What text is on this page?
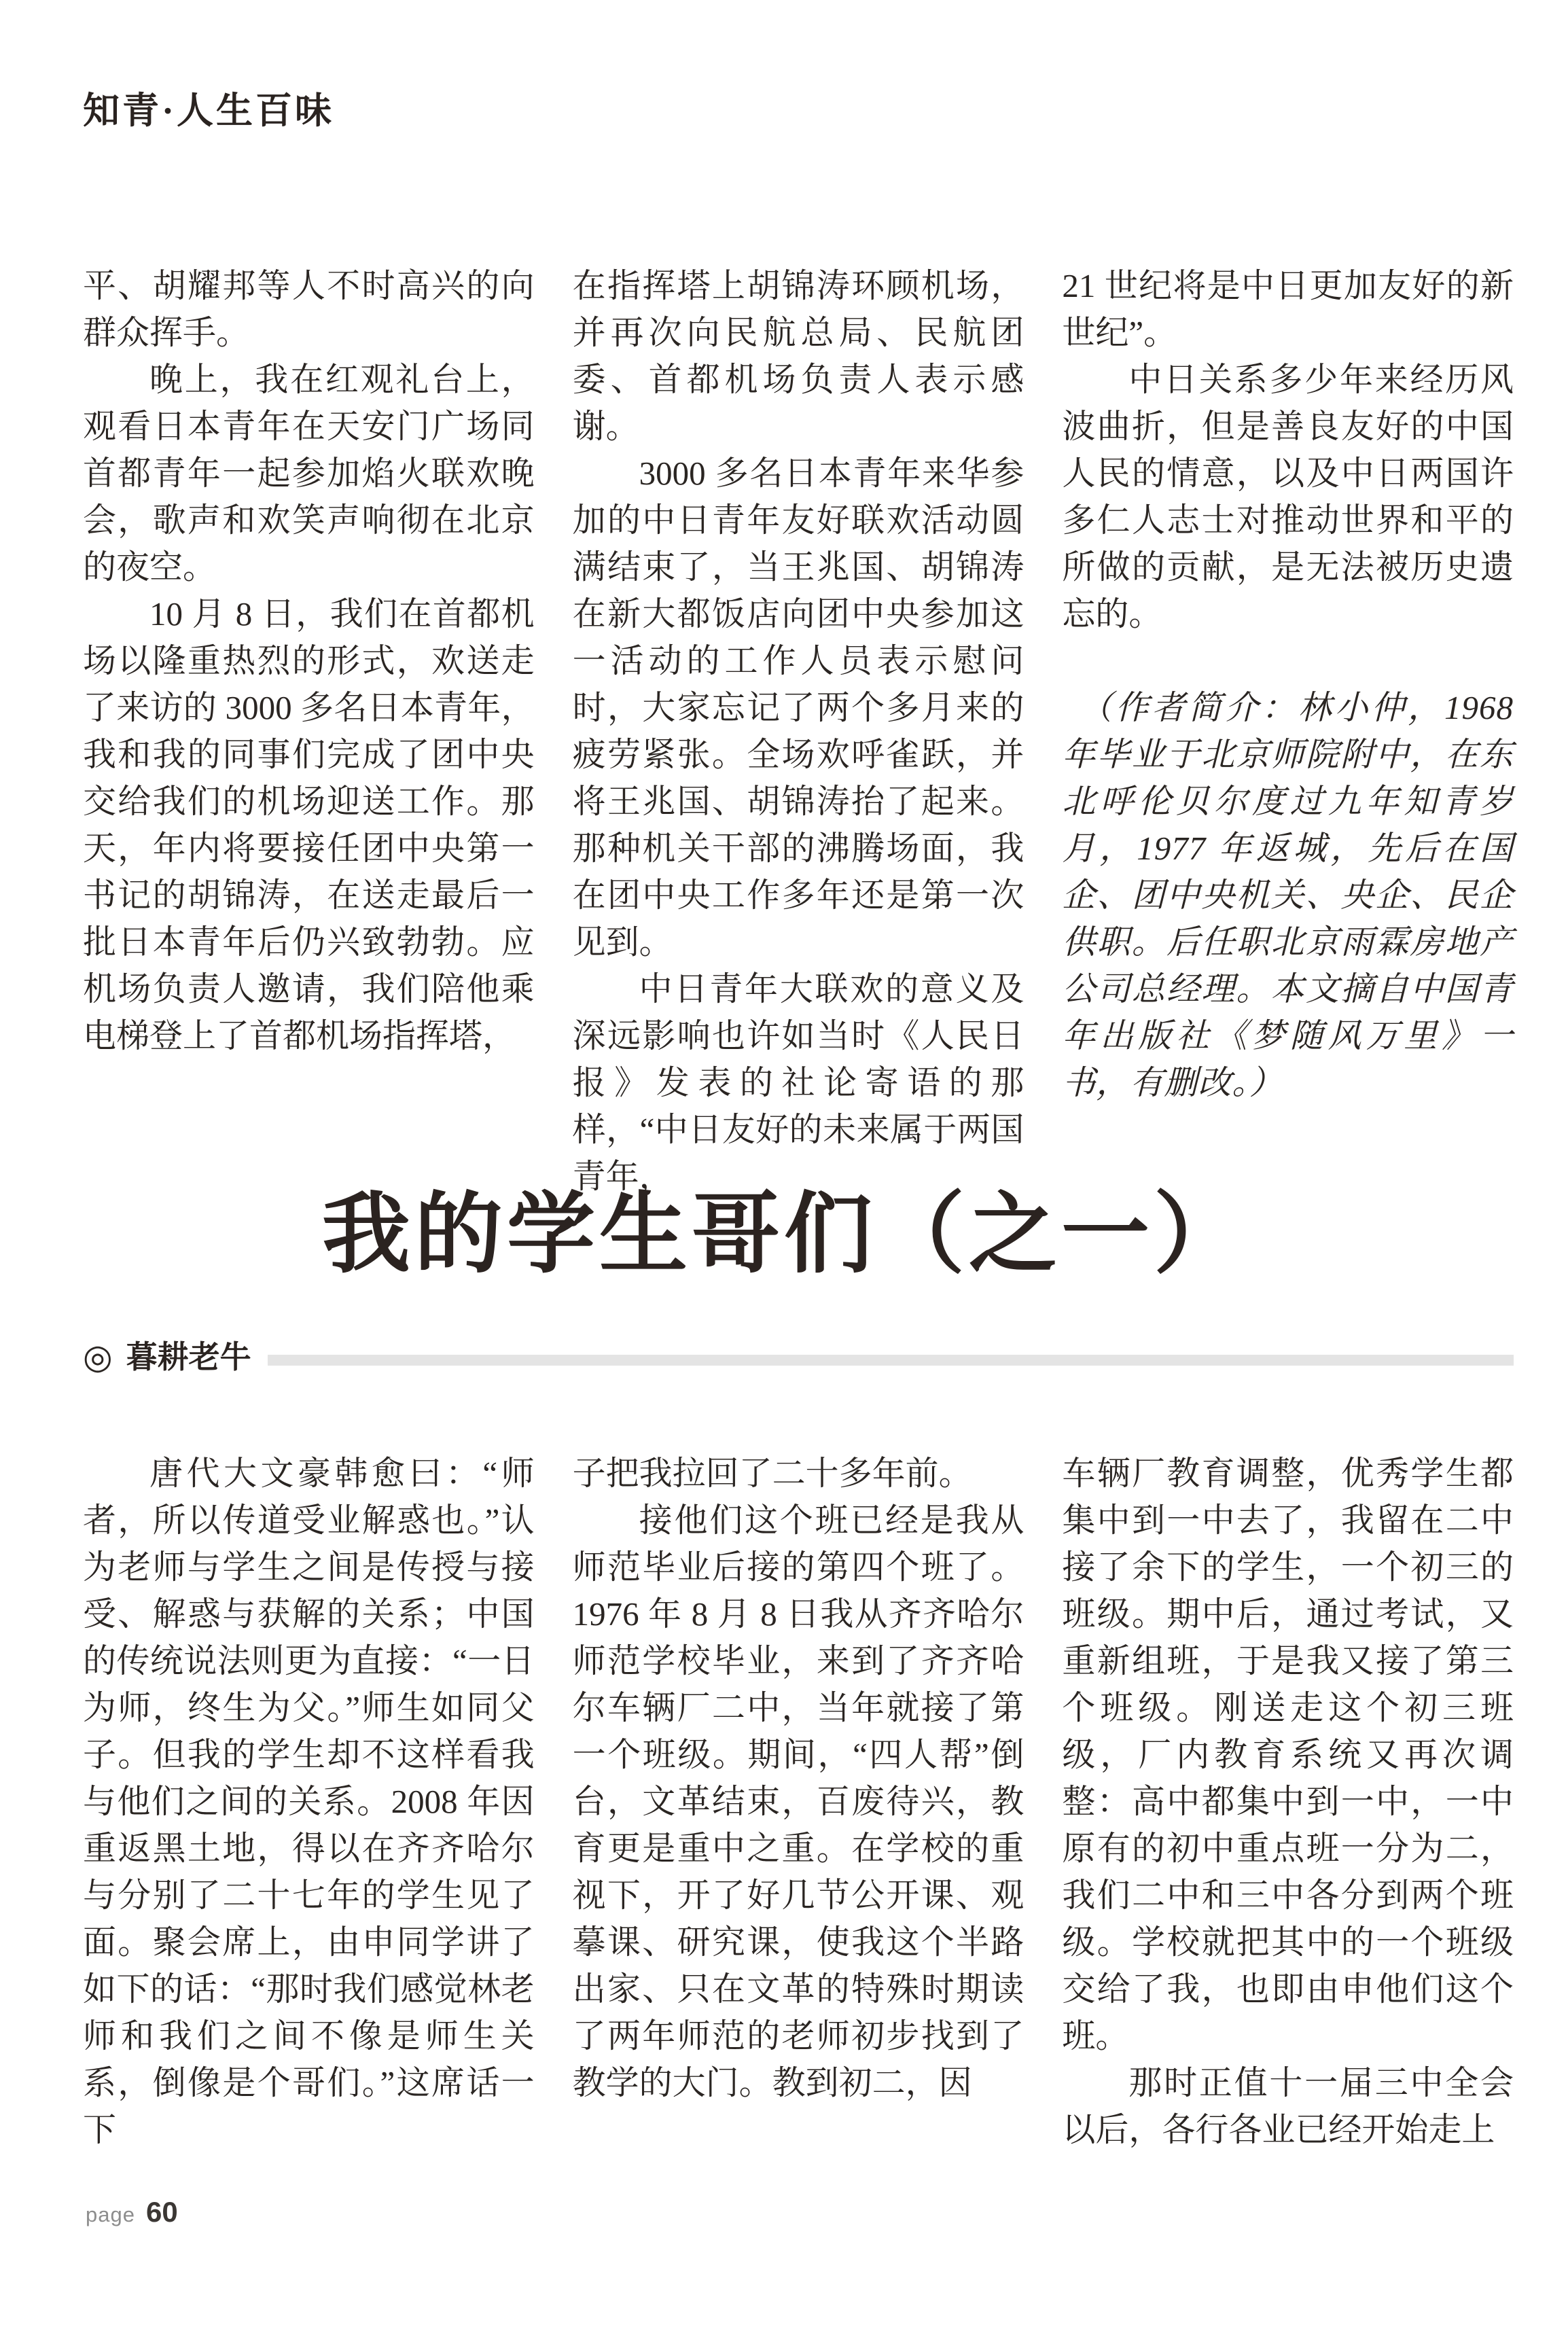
知青·人生百味

平、胡耀邦等人不时高兴的向群众挥手。

晚上，我在红观礼台上，观看日本青年在天安门广场同首都青年一起参加焰火联欢晚会，歌声和欢笑声响彻在北京的夜空。

10 月 8 日，我们在首都机场以隆重热烈的形式，欢送走了来访的 3000 多名日本青年，我和我的同事们完成了团中央交给我们的机场迎送工作。那天，年内将要接任团中央第一书记的胡锦涛，在送走最后一批日本青年后仍兴致勃勃。应机场负责人邀请，我们陪他乘电梯登上了首都机场指挥塔，

在指挥塔上胡锦涛环顾机场，并再次向民航总局、民航团委、首都机场负责人表示感谢。

3000 多名日本青年来华参加的中日青年友好联欢活动圆满结束了，当王兆国、胡锦涛在新大都饭店向团中央参加这一活动的工作人员表示慰问时，大家忘记了两个多月来的疲劳紧张。全场欢呼雀跃，并将王兆国、胡锦涛抬了起来。那种机关干部的沸腾场面，我在团中央工作多年还是第一次见到。

中日青年大联欢的意义及深远影响也许如当时《人民日报》发表的社论寄语的那样，“中日友好的未来属于两国青年，

21 世纪将是中日更加友好的新世纪”。

中日关系多少年来经历风波曲折，但是善良友好的中国人民的情意，以及中日两国许多仁人志士对推动世界和平的所做的贡献，是无法被历史遗忘的。

（作者简介：林小仲，1968 年毕业于北京师院附中，在东北呼伦贝尔度过九年知青岁月，1977 年返城，先后在国企、团中央机关、央企、民企供职。后任职北京雨霖房地产公司总经理。本文摘自中国青年出版社《梦随风万里》一书，有删改。）

我的学生哥们（之一）
◎ 暮耕老牛

唐代大文豪韩愈曰：“师者，所以传道受业解惑也。”认为老师与学生之间是传授与接受、解惑与获解的关系；中国的传统说法则更为直接：“一日为师，终生为父。”师生如同父子。但我的学生却不这样看我与他们之间的关系。2008 年因重返黑土地，得以在齐齐哈尔与分别了二十七年的学生见了面。聚会席上，由申同学讲了如下的话：“那时我们感觉林老师和我们之间不像是师生关系，倒像是个哥们。”这席话一下

子把我拉回了二十多年前。

接他们这个班已经是我从师范毕业后接的第四个班了。1976 年 8 月 8 日我从齐齐哈尔师范学校毕业，来到了齐齐哈尔车辆厂二中，当年就接了第一个班级。期间，“四人帮”倒台，文革结束，百废待兴，教育更是重中之重。在学校的重视下，开了好几节公开课、观摹课、研究课，使我这个半路出家、只在文革的特殊时期读了两年师范的老师初步找到了教学的大门。教到初二，因

车辆厂教育调整，优秀学生都集中到一中去了，我留在二中接了余下的学生，一个初三的班级。期中后，通过考试，又重新组班，于是我又接了第三个班级。刚送走这个初三班级，厂内教育系统又再次调整：高中都集中到一中，一中原有的初中重点班一分为二，我们二中和三中各分到两个班级。学校就把其中的一个班级交给了我，也即由申他们这个班。

那时正值十一届三中全会以后，各行各业已经开始走上

page 60
